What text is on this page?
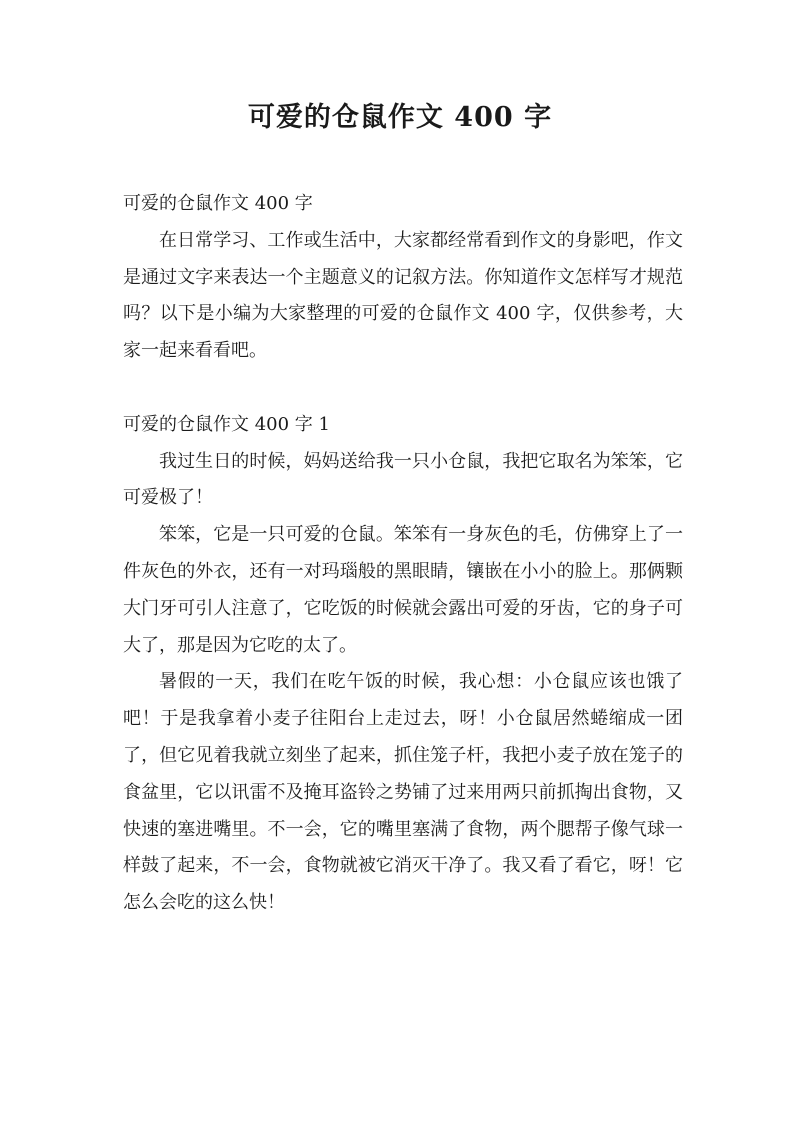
可爱的仓鼠作文 400 字

可爱的仓鼠作文 400 字

在日常学习、工作或生活中，大家都经常看到作文的身影吧，作文是通过文字来表达一个主题意义的记叙方法。你知道作文怎样写才规范吗？以下是小编为大家整理的可爱的仓鼠作文 400 字，仅供参考，大家一起来看看吧。

可爱的仓鼠作文 400 字 1

我过生日的时候，妈妈送给我一只小仓鼠，我把它取名为笨笨，它可爱极了！

笨笨，它是一只可爱的仓鼠。笨笨有一身灰色的毛，仿佛穿上了一件灰色的外衣，还有一对玛瑙般的黑眼睛，镶嵌在小小的脸上。那俩颗大门牙可引人注意了，它吃饭的时候就会露出可爱的牙齿，它的身子可大了，那是因为它吃的太了。

暑假的一天，我们在吃午饭的时候，我心想：小仓鼠应该也饿了吧！于是我拿着小麦子往阳台上走过去，呀！小仓鼠居然蜷缩成一团了，但它见着我就立刻坐了起来，抓住笼子杆，我把小麦子放在笼子的食盆里，它以讯雷不及掩耳盗铃之势铺了过来用两只前抓掏出食物，又快速的塞进嘴里。不一会，它的嘴里塞满了食物，两个腮帮子像气球一样鼓了起来，不一会，食物就被它消灭干净了。我又看了看它，呀！它怎么会吃的这么快！
